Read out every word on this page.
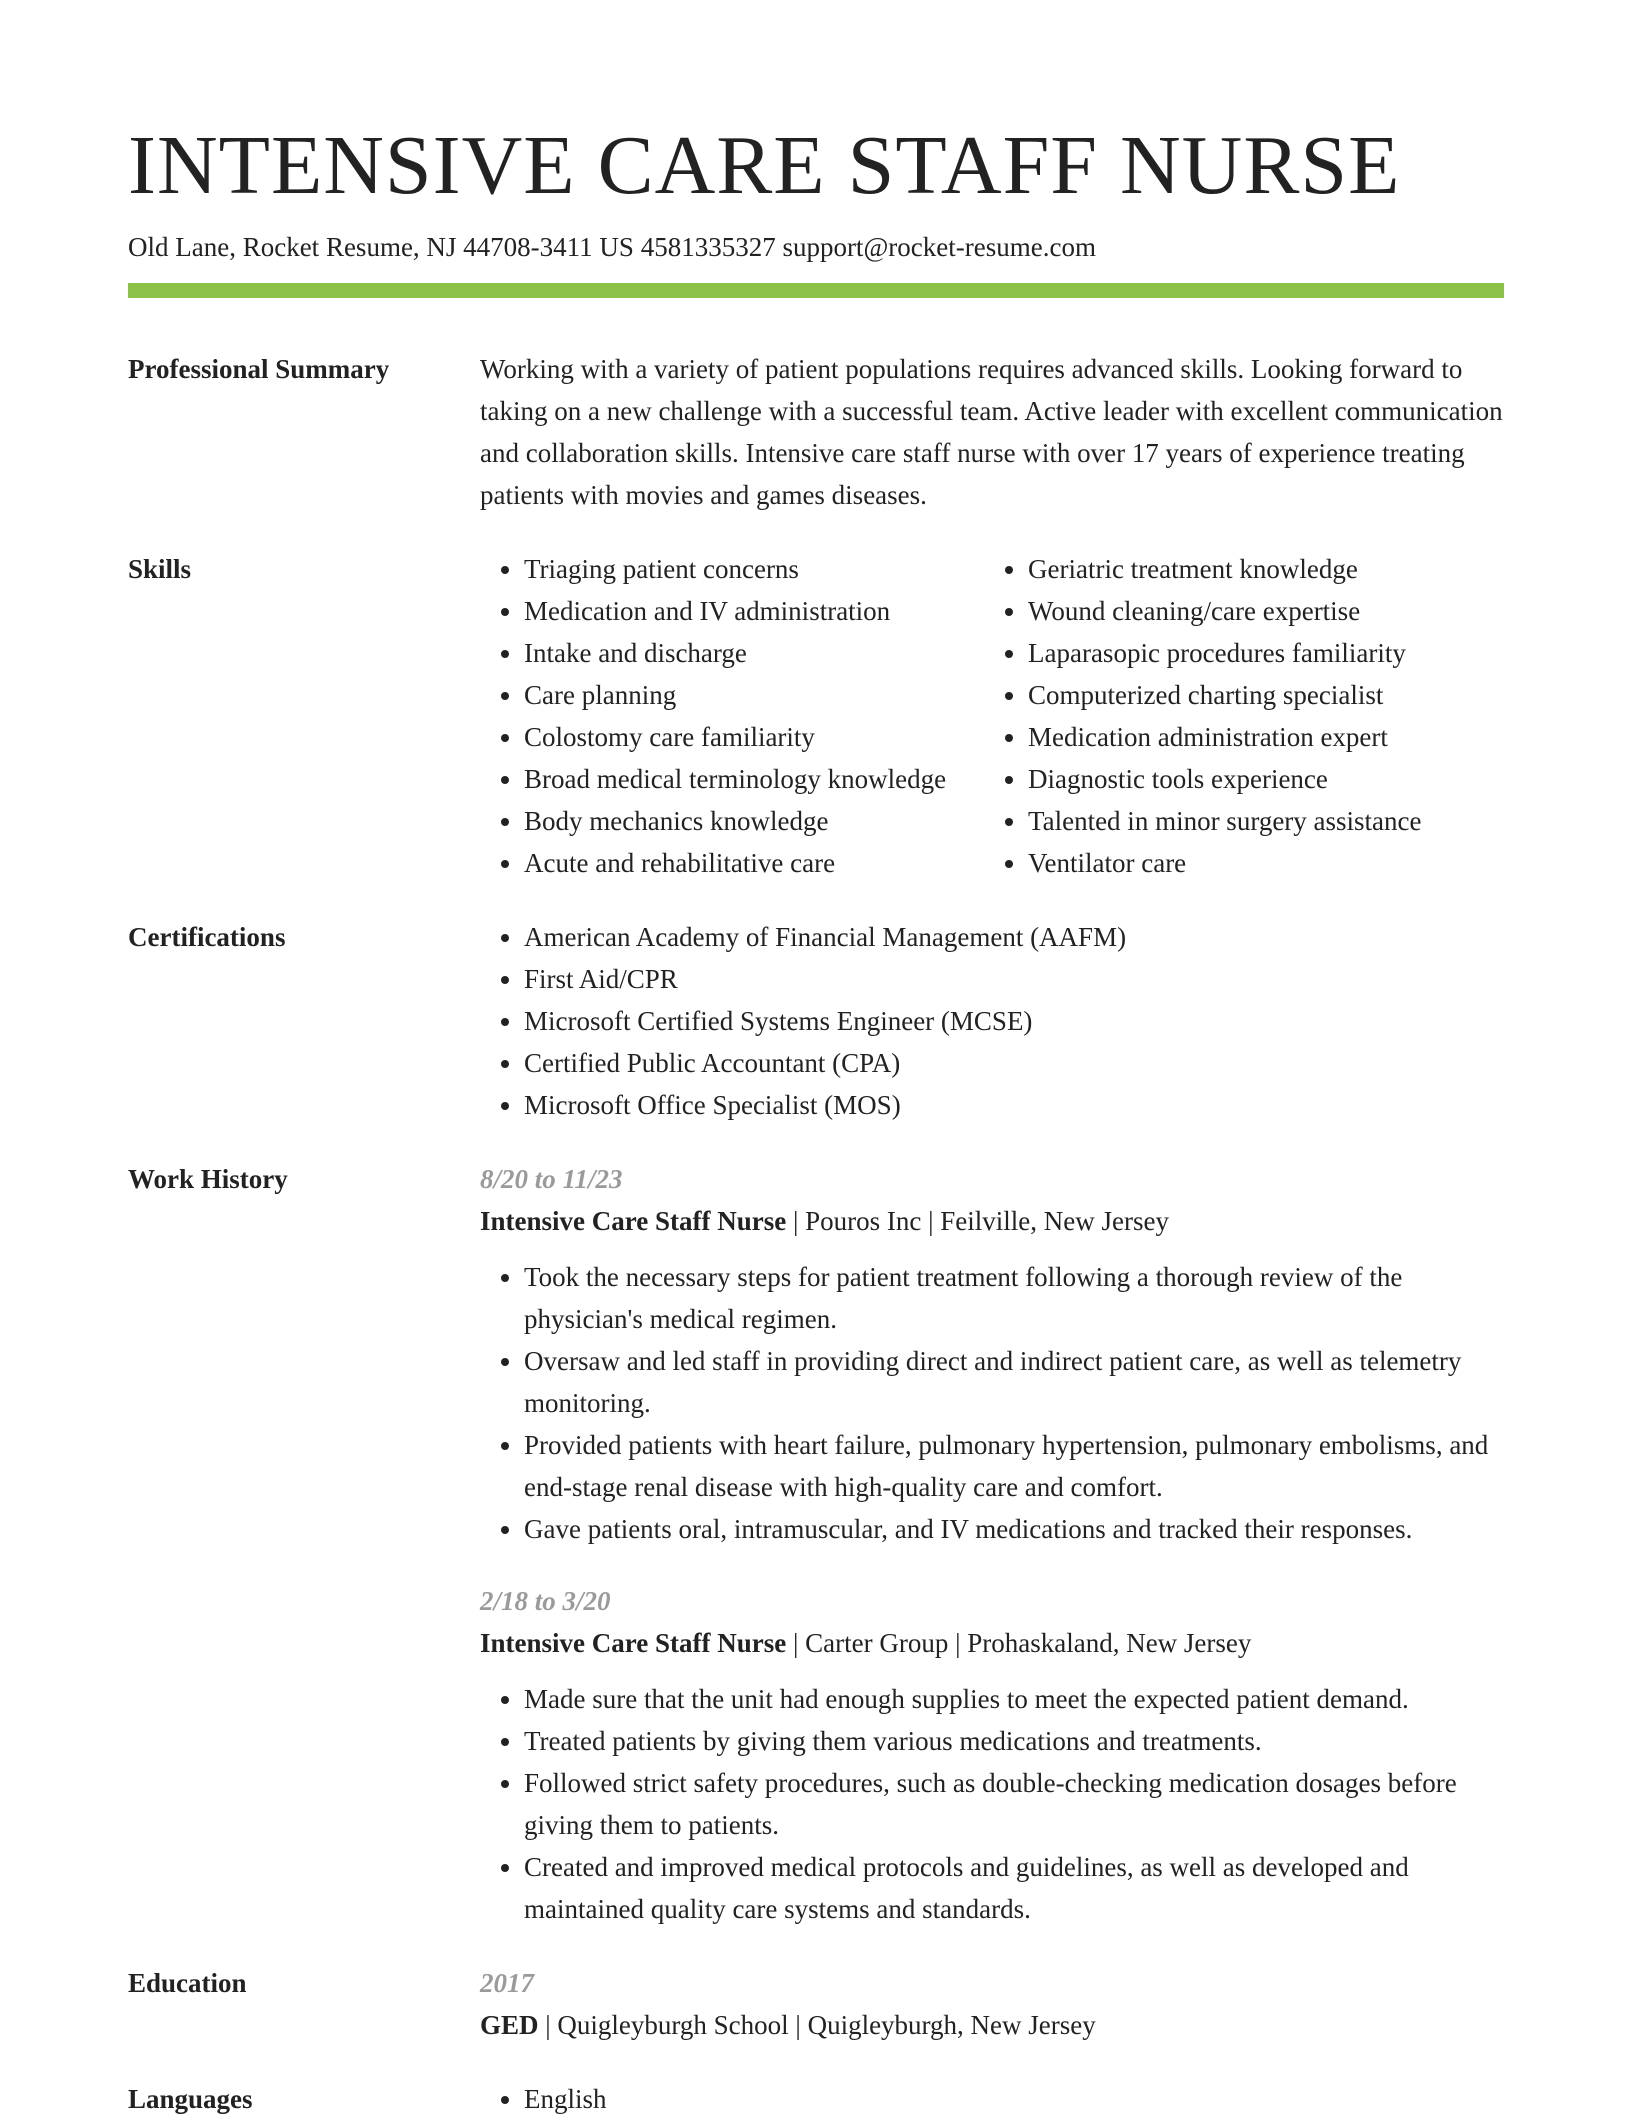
INTENSIVE CARE STAFF NURSE
Old Lane, Rocket Resume, NJ 44708-3411 US 4581335327 support@rocket-resume.com
Professional Summary	Working with a variety of patient populations requires advanced skills. Looking forward to taking on a new challenge with a successful team. Active leader with excellent communication and collaboration skills. Intensive care staff nurse with over 17 years of experience treating patients with movies and games diseases.

Skills	• Triaging patient concerns
• Medication and IV administration
• Intake and discharge
• Care planning
• Colostomy care familiarity
• Broad medical terminology knowledge
• Body mechanics knowledge
• Acute and rehabilitative care
• Geriatric treatment knowledge
• Wound cleaning/care expertise
• Laparasopic procedures familiarity
• Computerized charting specialist
• Medication administration expert
• Diagnostic tools experience
• Talented in minor surgery assistance
• Ventilator care
Certifications	• American Academy of Financial Management (AAFM)
• First Aid/CPR
• Microsoft Certified Systems Engineer (MCSE)
• Certified Public Accountant (CPA)
• Microsoft Office Specialist (MOS)
Work History	8/20 to 11/23
Intensive Care Staff Nurse | Pouros Inc | Feilville, New Jersey
• Took the necessary steps for patient treatment following a thorough review of the physician's medical regimen.
• Oversaw and led staff in providing direct and indirect patient care, as well as telemetry monitoring.
• Provided patients with heart failure, pulmonary hypertension, pulmonary embolisms, and end-stage renal disease with high-quality care and comfort.
• Gave patients oral, intramuscular, and IV medications and tracked their responses.
2/18 to 3/20
Intensive Care Staff Nurse | Carter Group | Prohaskaland, New Jersey
• Made sure that the unit had enough supplies to meet the expected patient demand.
• Treated patients by giving them various medications and treatments.
• Followed strict safety procedures, such as double-checking medication dosages before giving them to patients.
• Created and improved medical protocols and guidelines, as well as developed and maintained quality care systems and standards.
Education	2017
GED | Quigleyburgh School | Quigleyburgh, New Jersey
Languages	• English
